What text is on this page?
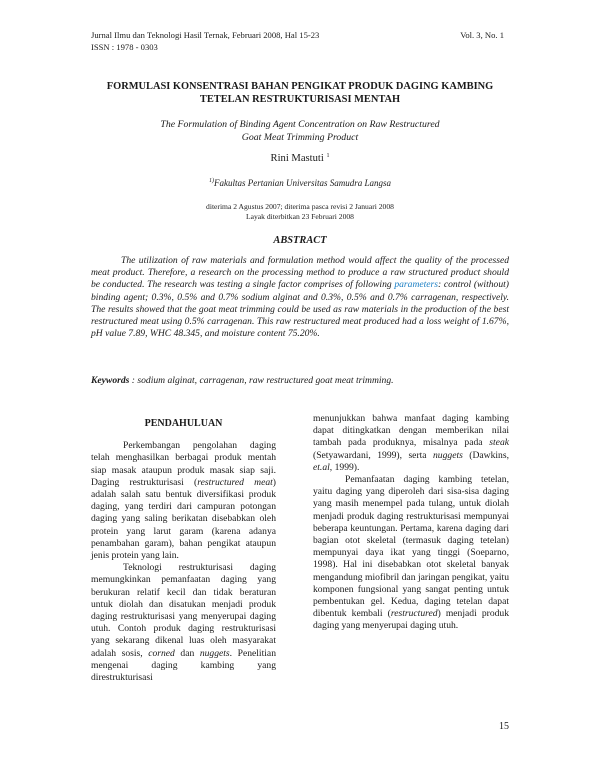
Jurnal Ilmu dan Teknologi Hasil Ternak, Februari 2008, Hal 15-23
ISSN : 1978 - 0303
Vol. 3, No. 1
FORMULASI KONSENTRASI BAHAN PENGIKAT PRODUK DAGING KAMBING
TETELAN RESTRUKTURISASI MENTAH
The Formulation of Binding Agent Concentration on Raw Restructured
Goat Meat Trimming Product
Rini Mastuti $^1$
$^{1)}$Fakultas Pertanian Universitas Samudra Langsa
diterima 2 Agustus 2007; diterima pasca revisi 2 Januari 2008
Layak diterbitkan 23 Februari 2008
ABSTRACT

The utilization of raw materials and formulation method would affect the quality of the processed meat product. Therefore, a research on the processing method to produce a raw structured product should be conducted. The research was testing a single factor comprises of following parameters: control (without) binding agent; 0.3%, 0.5% and 0.7% sodium alginat and 0.3%, 0.5% and 0.7% carragenan, respectively. The results showed that the goat meat trimming could be used as raw materials in the production of the best restructured meat using 0.5% carragenan. This raw restructured meat produced had a loss weight of 1.67%, pH value 7.89, WHC 48.345, and moisture content 75.20%.

Keywords : sodium alginat, carragenan, raw restructured goat meat trimming.

PENDAHULUAN

Perkembangan pengolahan daging telah menghasilkan berbagai produk mentah siap masak ataupun produk masak siap saji. Daging restrukturisasi (restructured meat) adalah salah satu bentuk diversifikasi produk daging, yang terdiri dari campuran potongan daging yang saling berikatan disebabkan oleh protein yang larut garam (karena adanya penambahan garam), bahan pengikat ataupun jenis protein yang lain.

Teknologi restrukturisasi daging memungkinkan pemanfaatan daging yang berukuran relatif kecil dan tidak beraturan untuk diolah dan disatukan menjadi produk daging restrukturisasi yang menyerupai daging utuh. Contoh produk daging restrukturisasi yang sekarang dikenal luas oleh masyarakat adalah sosis, corned dan nuggets. Penelitian mengenai daging kambing yang direstrukturisasi

menunjukkan bahwa manfaat daging kambing dapat ditingkatkan dengan memberikan nilai tambah pada produknya, misalnya pada steak (Setyawardani, 1999), serta nuggets (Dawkins, et.al, 1999).

Pemanfaatan daging kambing tetelan, yaitu daging yang diperoleh dari sisa-sisa daging yang masih menempel pada tulang, untuk diolah menjadi produk daging restrukturisasi mempunyai beberapa keuntungan. Pertama, karena daging dari bagian otot skeletal (termasuk daging tetelan) mempunyai daya ikat yang tinggi (Soeparno, 1998). Hal ini disebabkan otot skeletal banyak mengandung miofibril dan jaringan pengikat, yaitu komponen fungsional yang sangat penting untuk pembentukan gel. Kedua, daging tetelan dapat dibentuk kembali (restructured) menjadi produk daging yang menyerupai daging utuh.

15
